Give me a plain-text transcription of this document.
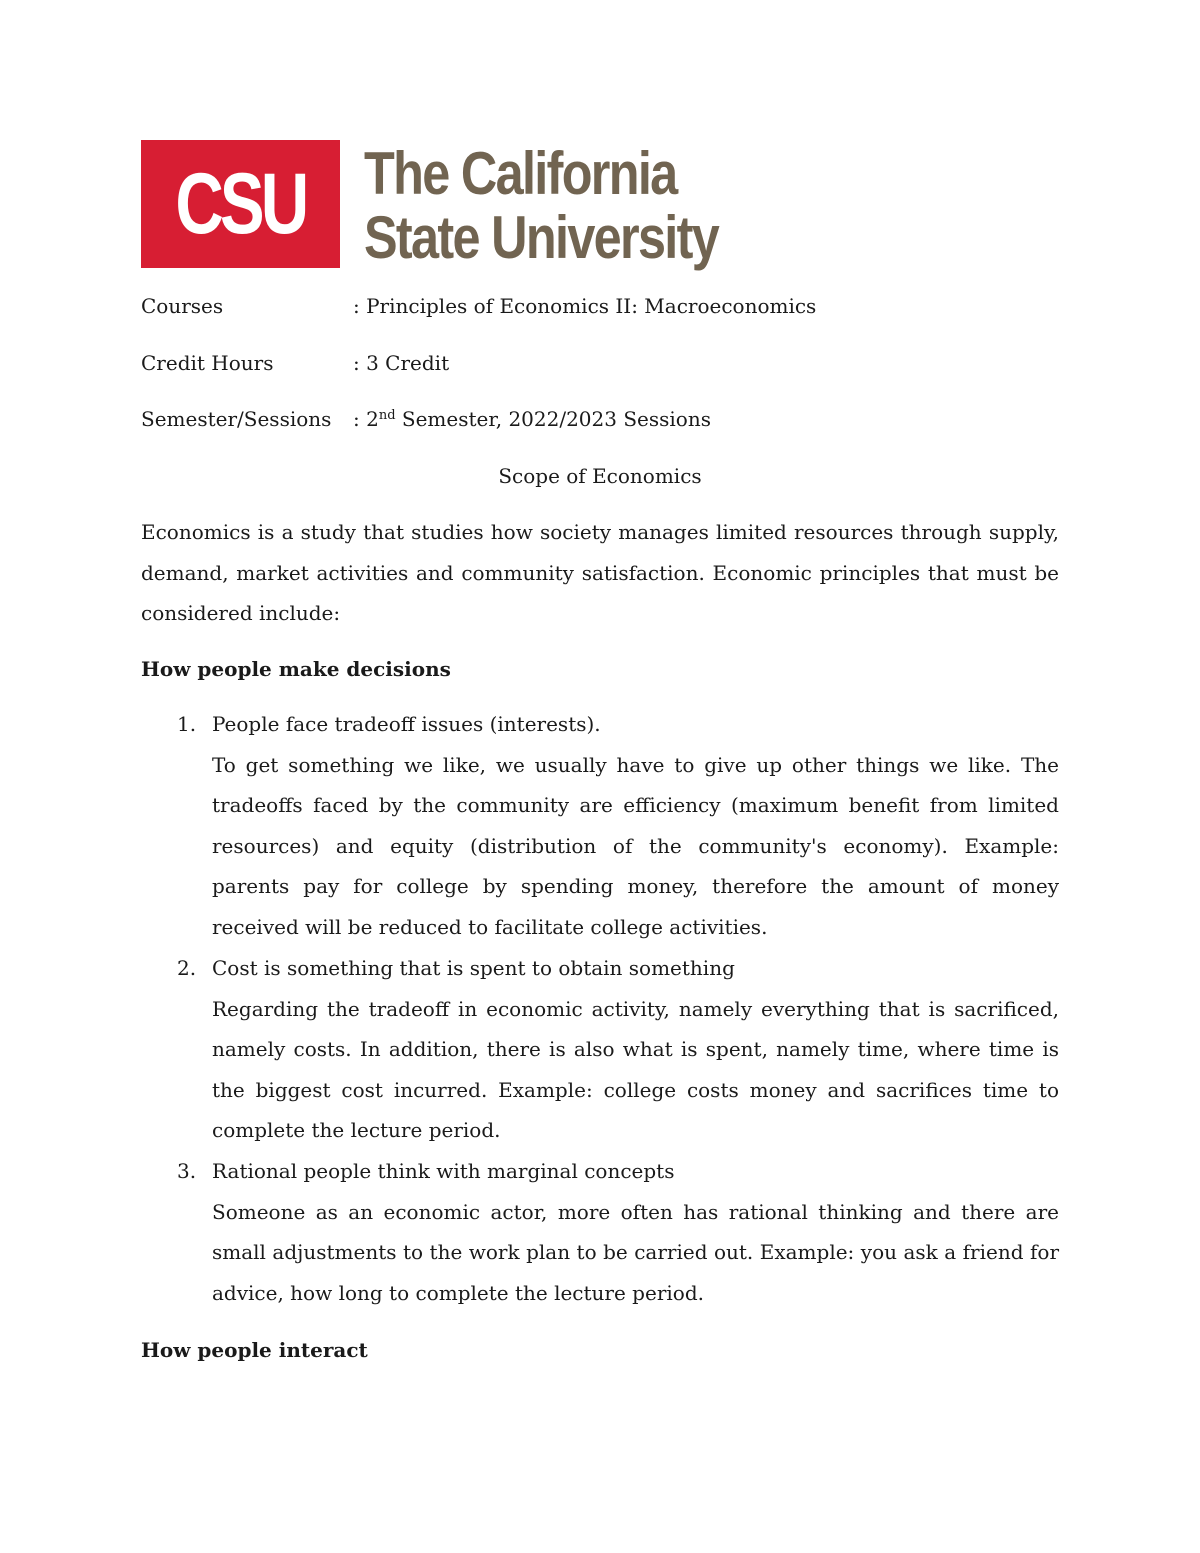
CSU The California
State University
Courses	: Principles of Economics II: Macroeconomics
Credit Hours	: 3 Credit
Semester/Sessions : 2nd Semester, 2022/2023 Sessions
Scope of Economics
Economics is a study that studies how society manages limited resources through supply, demand, market activities and community satisfaction. Economic principles that must be considered include:
How people make decisions
1. People face tradeoff issues (interests).
To get something we like, we usually have to give up other things we like. The tradeoffs faced by the community are efficiency (maximum benefit from limited resources) and equity (distribution of the community's economy). Example: parents pay for college by spending money, therefore the amount of money received will be reduced to facilitate college activities.
2. Cost is something that is spent to obtain something
Regarding the tradeoff in economic activity, namely everything that is sacrificed, namely costs. In addition, there is also what is spent, namely time, where time is the biggest cost incurred. Example: college costs money and sacrifices time to complete the lecture period.
3. Rational people think with marginal concepts
Someone as an economic actor, more often has rational thinking and there are small adjustments to the work plan to be carried out. Example: you ask a friend for advice, how long to complete the lecture period.
How people interact
